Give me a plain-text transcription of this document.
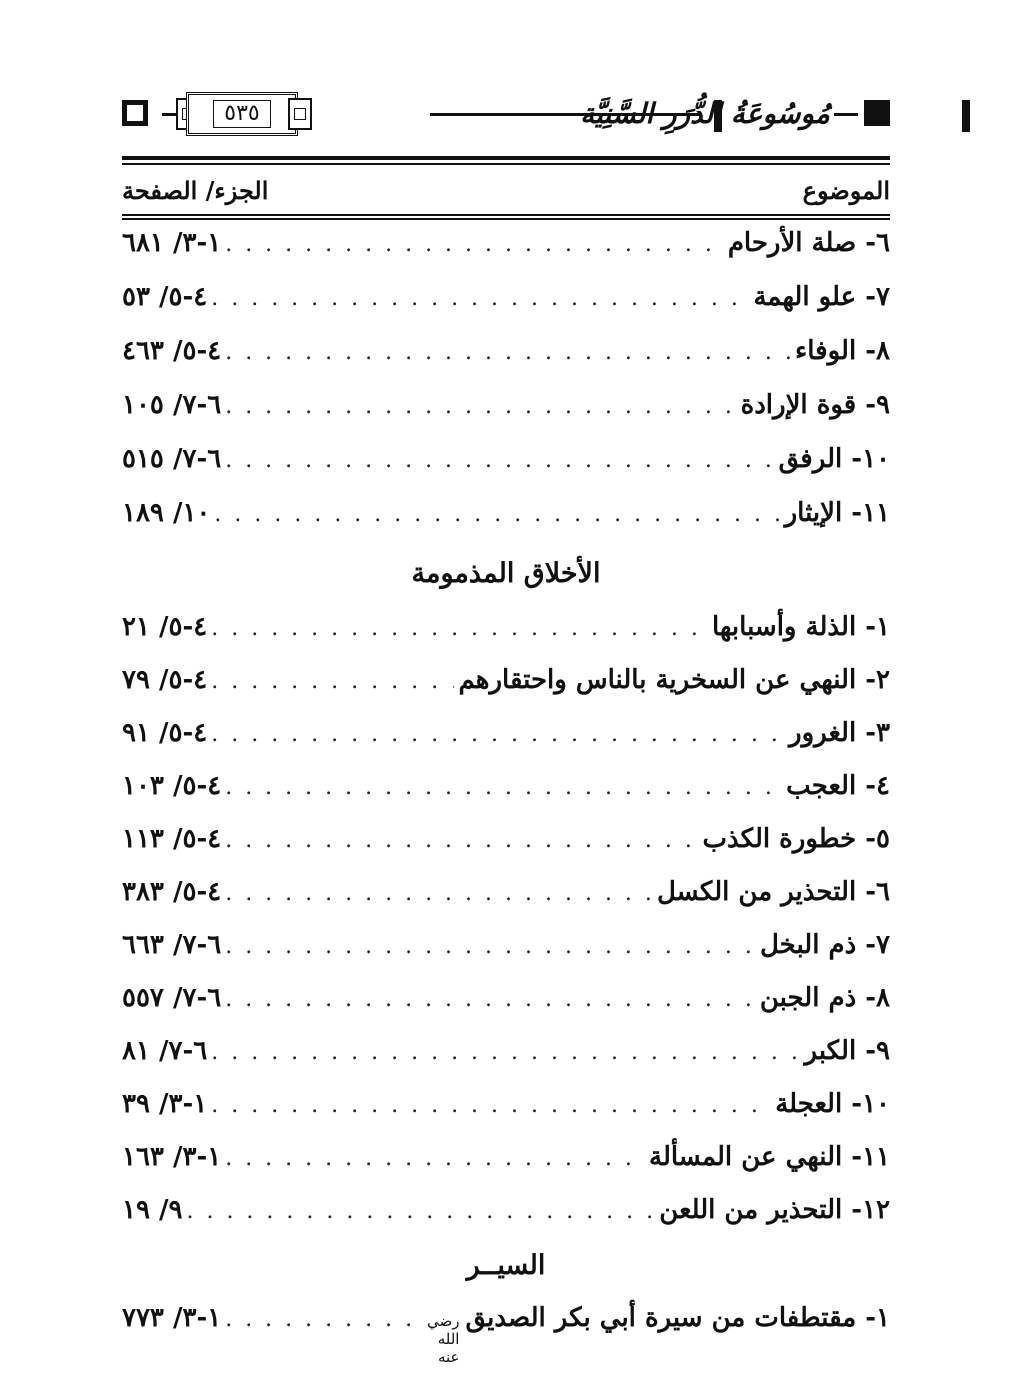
٥٣٥	مُوسُوعَةُ الدُّرَرِ السَّنِيَّة
الموضوع
الجزء/ الصفحة
٦- صلة الأرحام
. . .
١-٣/ ٦٨١
٧- علو الهمة
. . .
٤-٥/ ٥٣
٨- الوفاء
. . .
٤-٥/ ٤٦٣
٩- قوة الإرادة
. . .
٦-٧/ ١٠٥
١٠- الرفق
. . .
٦-٧/ ٥١٥
١١- الإيثار
. . .
١٠/ ١٨٩
الأخلاق المذمومة
١- الذلة وأسبابها
. . .
٤-٥/ ٢١
٢- النهي عن السخرية بالناس واحتقارهم
. . .
٤-٥/ ٧٩
٣- الغرور
. . .
٤-٥/ ٩١
٤- العجب
. . .
٤-٥/ ١٠٣
٥- خطورة الكذب
. . .
٤-٥/ ١١٣
٦- التحذير من الكسل
. . .
٤-٥/ ٣٨٣
٧- ذم البخل
. . .
٦-٧/ ٦٦٣
٨- ذم الجبن
. . .
٦-٧/ ٥٥٧
٩- الكبر
. . .
٦-٧/ ٨١
١٠- العجلة
. . .
١-٣/ ٣٩
١١- النهي عن المسألة
. . .
١-٣/ ١٦٣
١٢- التحذير من اللعن
. . .
٩/ ١٩
السيــر
١- مقتطفات من سيرة أبي بكر الصديق
رضي الله عنه
. . .
١-٣/ ٧٧٣
